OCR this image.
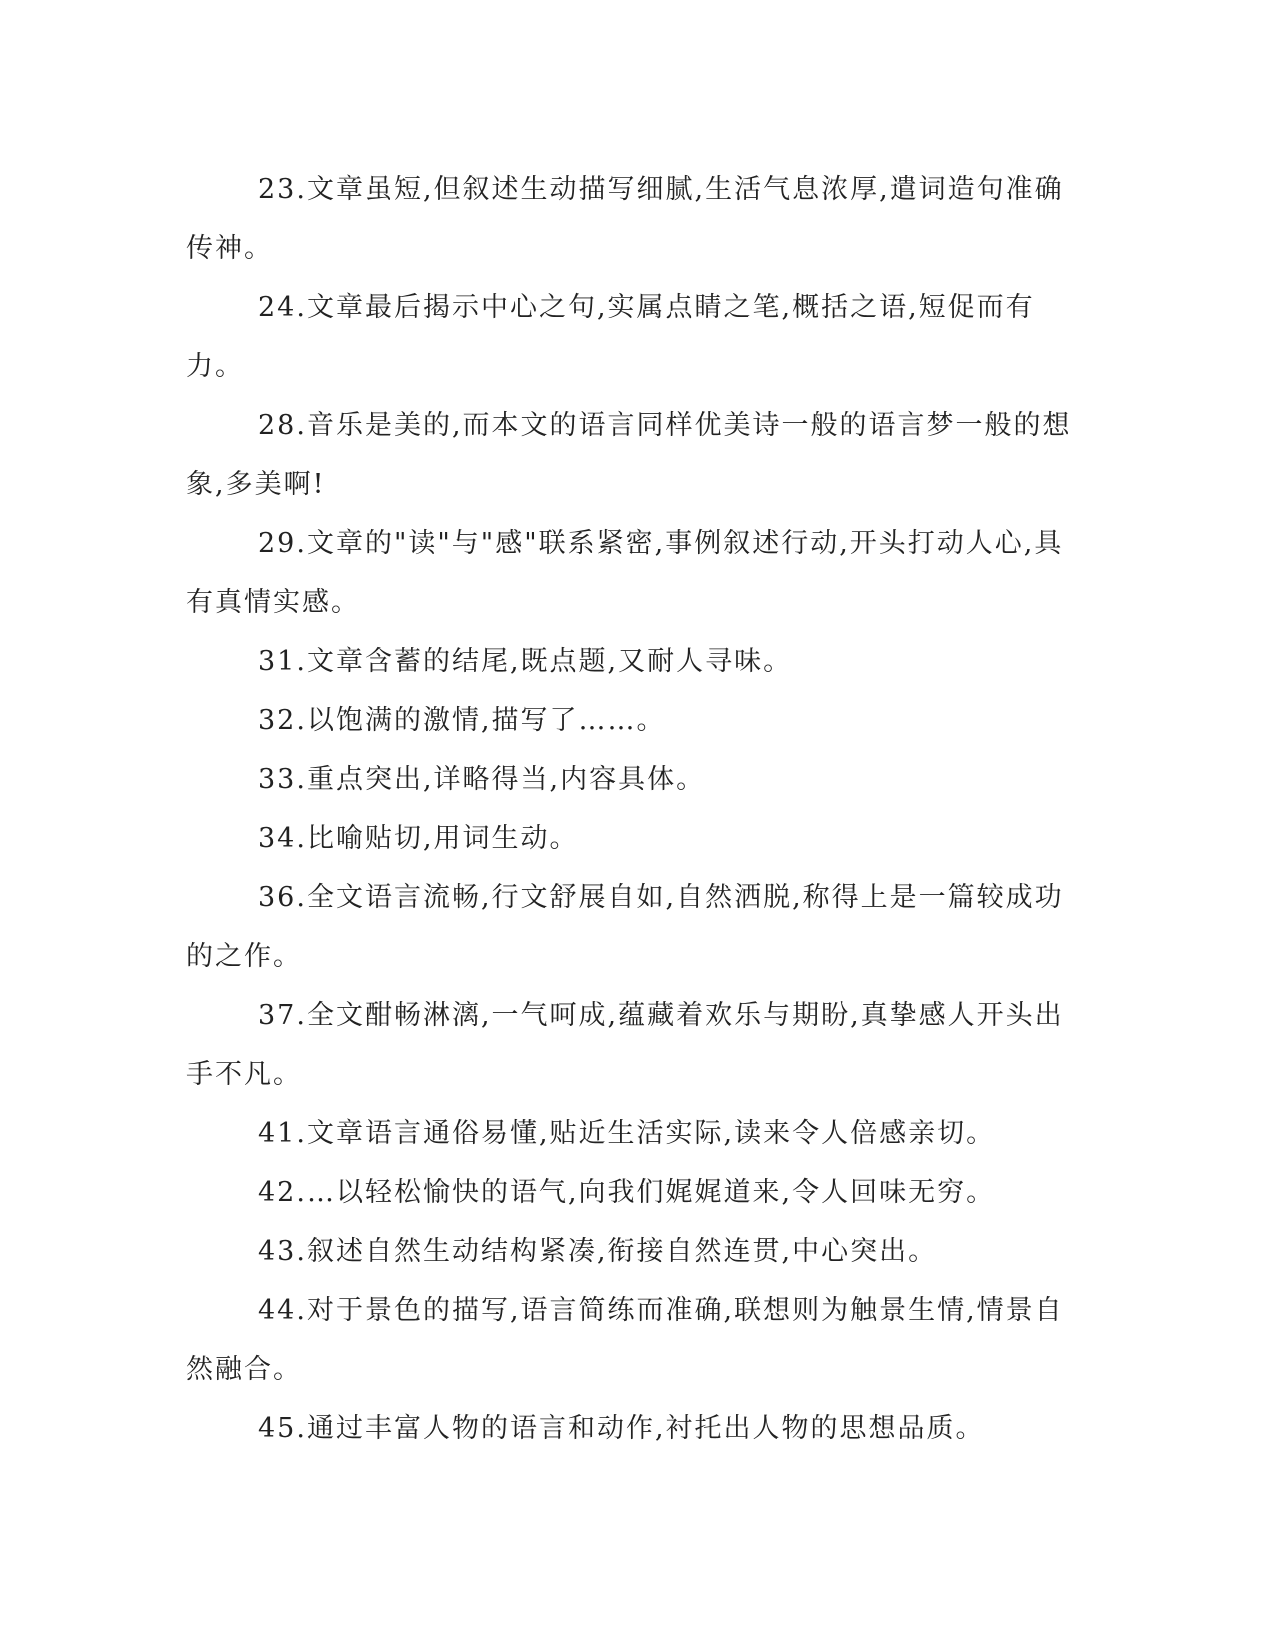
23.文章虽短,但叙述生动描写细腻,生活气息浓厚,遣词造句准确传神。

24.文章最后揭示中心之句,实属点睛之笔,概括之语,短促而有力。

28.音乐是美的,而本文的语言同样优美诗一般的语言梦一般的想象,多美啊!

29.文章的"读"与"感"联系紧密,事例叙述行动,开头打动人心,具有真情实感。

31.文章含蓄的结尾,既点题,又耐人寻味。

32.以饱满的激情,描写了……。

33.重点突出,详略得当,内容具体。

34.比喻贴切,用词生动。

36.全文语言流畅,行文舒展自如,自然洒脱,称得上是一篇较成功的之作。

37.全文酣畅淋漓,一气呵成,蕴藏着欢乐与期盼,真挚感人开头出手不凡。

41.文章语言通俗易懂,贴近生活实际,读来令人倍感亲切。

42.…以轻松愉快的语气,向我们娓娓道来,令人回味无穷。

43.叙述自然生动结构紧凑,衔接自然连贯,中心突出。

44.对于景色的描写,语言简练而准确,联想则为触景生情,情景自然融合。

45.通过丰富人物的语言和动作,衬托出人物的思想品质。
